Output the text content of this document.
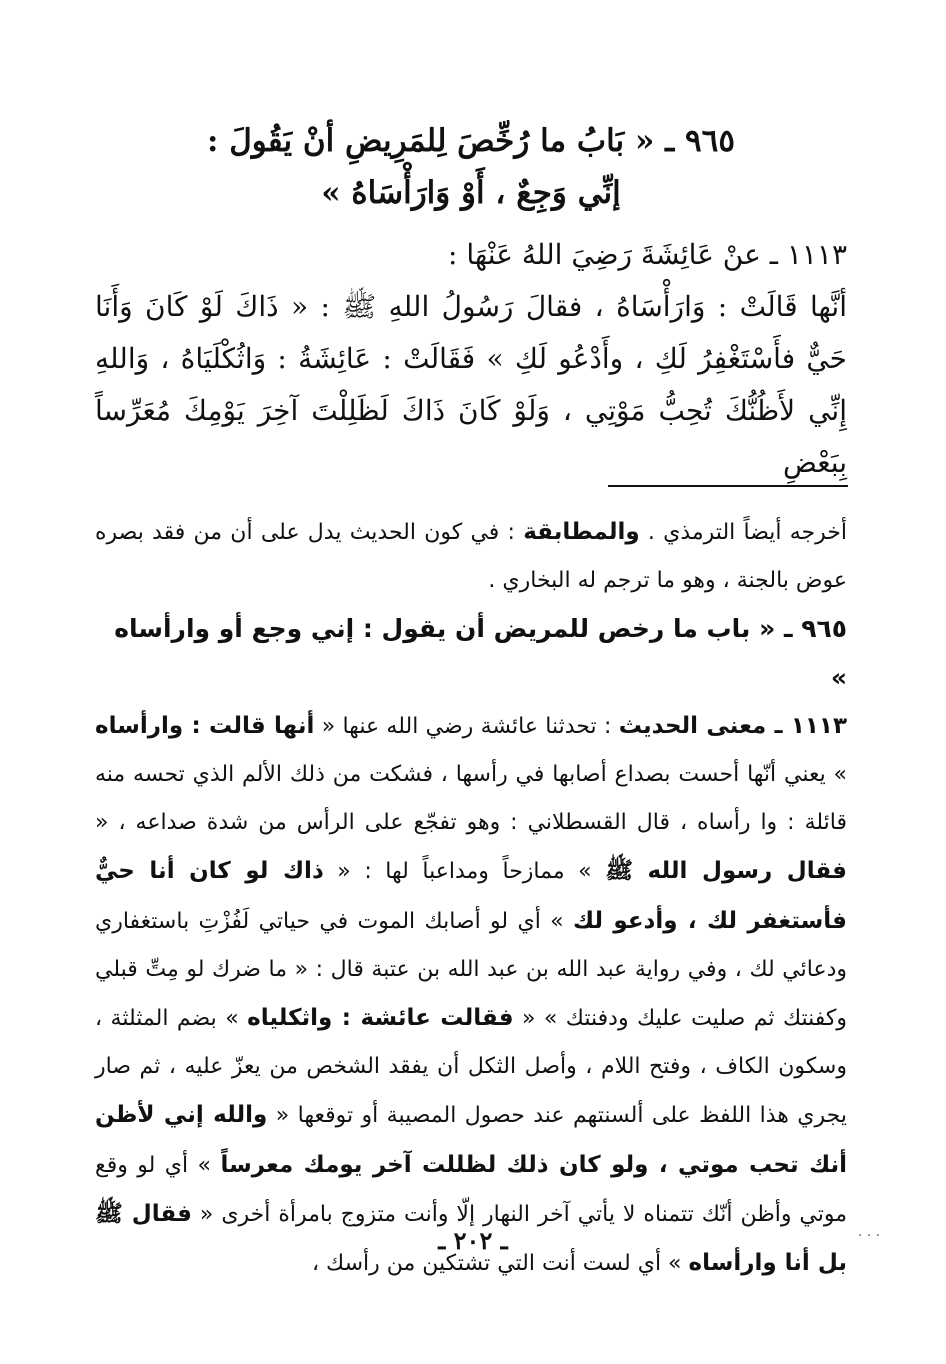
٩٦٥ ـ « بَابُ ما رُخِّصَ لِلمَرِيضِ أنْ يَقُولَ :

إنِّي وَجِعٌ ، أَوْ وَارَأْسَاهُ »

١١١٣ ـ عنْ عَائِشَةَ رَضِيَ اللهُ عَنْهَا :

أنَّها قَالَتْ : وَارَأْسَاهُ ، فقالَ رَسُولُ اللهِ ﷺ : « ذَاكَ لَوْ كَانَ وَأَنَا حَيٌّ فأَسْتَغْفِرُ لَكِ ، وأَدْعُو لَكِ » فَقَالَتْ : عَائِشَةُ : وَاثُكْلَيَاهُ ، وَاللهِ إِنِّي لأَظُنُّكَ تُحِبُّ مَوْتِي ، وَلَوْ كَانَ ذَاكَ لَظَلِلْتَ آخِرَ يَوْمِكَ مُعَرِّساً بِبَعْضِ

أخرجه أيضاً الترمذي . والمطابقة : في كون الحديث يدل على أن من فقد بصره عوض بالجنة ، وهو ما ترجم له البخاري .

٩٦٥ ـ « باب ما رخص للمريض أن يقول : إني وجع أو وارأساه »

١١١٣ ـ معنى الحديث : تحدثنا عائشة رضي الله عنها « أنها قالت : وارأساه » يعني أنّها أحست بصداع أصابها في رأسها ، فشكت من ذلك الألم الذي تحسه منه قائلة : وا رأساه ، قال القسطلاني : وهو تفجّع على الرأس من شدة صداعه ، « فقال رسول الله ﷺ » ممازحاً ومداعباً لها : « ذاك لو كان أنا حيٌّ فأستغفر لك ، وأدعو لك » أي لو أصابك الموت في حياتي لَفُزْتِ باستغفاري ودعائي لك ، وفي رواية عبد الله بن عبد الله بن عتبة قال : « ما ضرك لو مِتِّ قبلي وكفنتك ثم صليت عليك ودفنتك » « فقالت عائشة : واثكلياه » بضم المثلثة ، وسكون الكاف ، وفتح اللام ، وأصل الثكل أن يفقد الشخص من يعزّ عليه ، ثم صار يجري هذا اللفظ على ألسنتهم عند حصول المصيبة أو توقعها « والله إني لأظن أنك تحب موتي ، ولو كان ذلك لظللت آخر يومك معرساً » أي لو وقع موتي وأظن أنّك تتمناه لا يأتي آخر النهار إلّا وأنت متزوج بامرأة أخرى « فقال ﷺ بل أنا وارأساه » أي لست أنت التي تشتكين من رأسك ،

ـ ٢٠٢ ـ	· · ·
